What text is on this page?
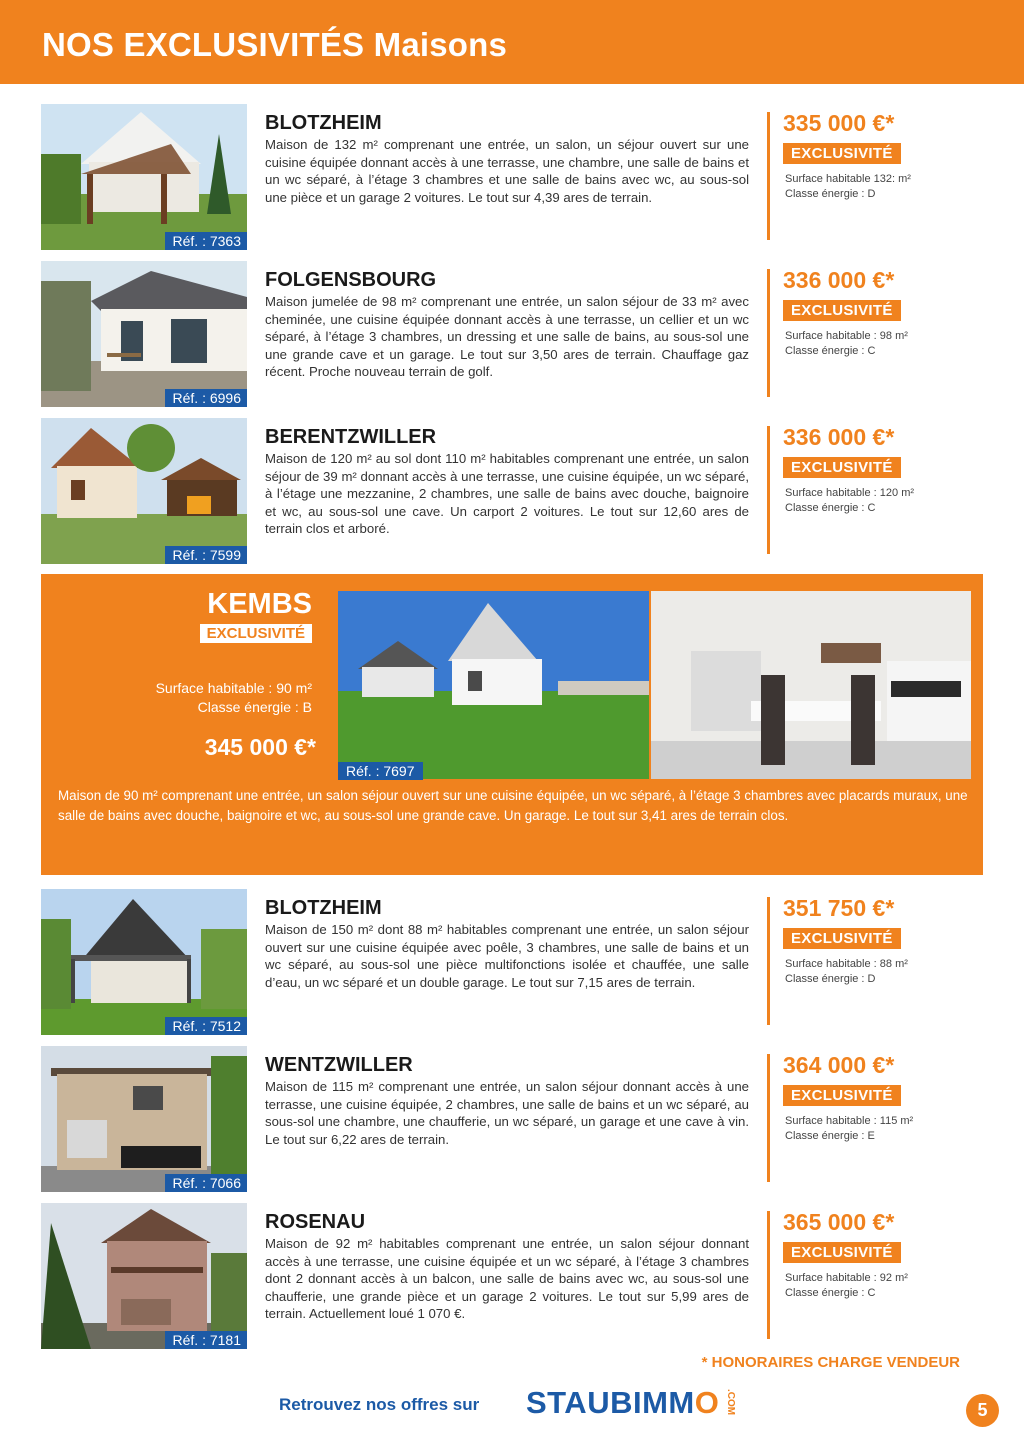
NOS EXCLUSIVITÉS Maisons
Réf. : 7363
BLOTZHEIM
Maison de 132 m² comprenant une entrée, un salon, un séjour ouvert sur une cuisine équipée donnant accès à une terrasse, une chambre, une salle de bains et un wc séparé, à l’étage 3 chambres et une salle de bains avec wc, au sous-sol une pièce et un garage 2 voitures. Le tout sur 4,39 ares de terrain.
335 000 €*
EXCLUSIVITÉ
Surface habitable 132: m²
Classe énergie : D
Réf. : 6996
FOLGENSBOURG
Maison jumelée de 98 m² comprenant une entrée, un salon séjour de 33 m² avec cheminée, une cuisine équipée donnant accès à une terrasse, un cellier et un wc séparé, à l’étage 3 chambres, un dressing et une salle de bains, au sous-sol une une grande cave et un garage. Le tout sur 3,50 ares de terrain. Chauffage gaz récent. Proche nouveau terrain de golf.
336 000 €*
EXCLUSIVITÉ
Surface habitable : 98 m²
Classe énergie : C
Réf. : 7599
BERENTZWILLER
Maison de 120 m² au sol dont 110 m² habitables comprenant une entrée, un salon séjour de 39 m² donnant accès à une terrasse, une cuisine équipée, un wc séparé, à l’étage une mezzanine, 2 chambres, une salle de bains avec douche, baignoire et wc, au sous-sol une cave. Un carport 2 voitures. Le tout sur 12,60 ares de terrain clos et arboré.
336 000 €*
EXCLUSIVITÉ
Surface habitable : 120 m²
Classe énergie : C
KEMBS
EXCLUSIVITÉ
Surface habitable : 90 m²
Classe énergie : B
345 000 €*
Réf. : 7697
Maison de 90 m² comprenant une entrée, un salon séjour ouvert sur une cuisine équipée, un wc séparé, à l’étage 3 chambres avec placards muraux, une salle de bains avec douche, baignoire et wc, au sous-sol une grande cave. Un garage. Le tout sur 3,41 ares de terrain clos.
Réf. : 7512
BLOTZHEIM
Maison de 150 m² dont 88 m² habitables comprenant une entrée, un salon séjour ouvert sur une cuisine équipée avec poêle, 3 chambres, une salle de bains et un wc séparé, au sous-sol une pièce multifonctions isolée et chauffée, une salle d’eau, un wc séparé et un double garage. Le tout sur 7,15 ares de terrain.
351 750 €*
EXCLUSIVITÉ
Surface habitable : 88 m²
Classe énergie : D
Réf. : 7066
WENTZWILLER
Maison de 115 m² comprenant une entrée, un salon séjour donnant accès à une terrasse, une cuisine équipée, 2 chambres, une salle de bains et un wc séparé, au sous-sol une chambre, une chaufferie, un wc séparé, un garage et une cave à vin. Le tout sur 6,22 ares de terrain.
364 000 €*
EXCLUSIVITÉ
Surface habitable : 115 m²
Classe énergie : E
Réf. : 7181
ROSENAU
Maison de 92 m² habitables comprenant une entrée, un salon séjour donnant accès à une terrasse, une cuisine équipée et un wc séparé, à l’étage 3 chambres dont 2 donnant accès à un balcon, une salle de bains avec wc, au sous-sol une chaufferie, une grande pièce et un garage 2 voitures. Le tout sur 5,99 ares de terrain. Actuellement loué 1 070 €.
365 000 €*
EXCLUSIVITÉ
Surface habitable : 92 m²
Classe énergie : C
* HONORAIRES CHARGE VENDEUR
Retrouvez nos offres sur STAUBIMMO .COM	5
